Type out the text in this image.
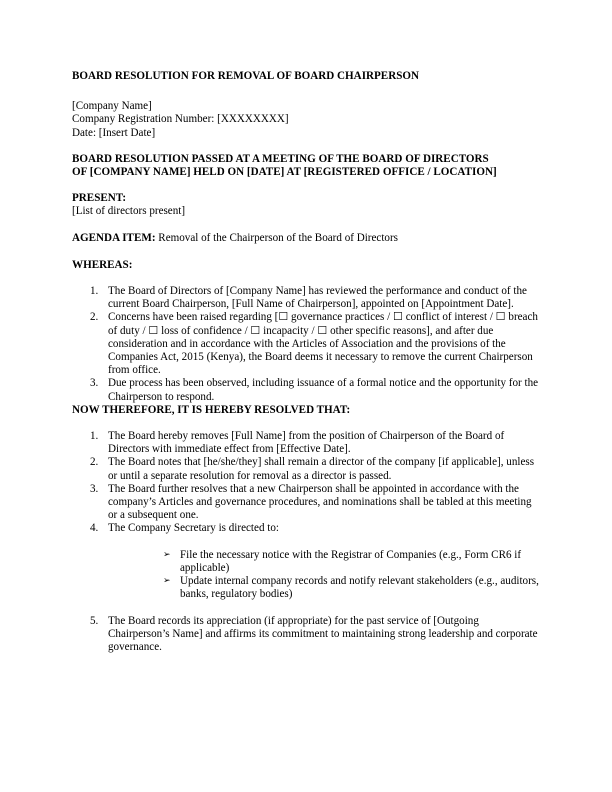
BOARD RESOLUTION FOR REMOVAL OF BOARD CHAIRPERSON

[Company Name]

Company Registration Number: [XXXXXXXX]

Date: [Insert Date]

BOARD RESOLUTION PASSED AT A MEETING OF THE BOARD OF DIRECTORS

OF [COMPANY NAME] HELD ON [DATE] AT [REGISTERED OFFICE / LOCATION]

PRESENT:

[List of directors present]

AGENDA ITEM: Removal of the Chairperson of the Board of Directors

WHEREAS:

1. The Board of Directors of [Company Name] has reviewed the performance and conduct of the current Board Chairperson, [Full Name of Chairperson], appointed on [Appointment Date].
2. Concerns have been raised regarding [☐ governance practices / ☐ conflict of interest / ☐ breach of duty / ☐ loss of confidence / ☐ incapacity / ☐ other specific reasons], and after due consideration and in accordance with the Articles of Association and the provisions of the Companies Act, 2015 (Kenya), the Board deems it necessary to remove the current Chairperson from office.
3. Due process has been observed, including issuance of a formal notice and the opportunity for the Chairperson to respond.

NOW THEREFORE, IT IS HEREBY RESOLVED THAT:

1. The Board hereby removes [Full Name] from the position of Chairperson of the Board of Directors with immediate effect from [Effective Date].
2. The Board notes that [he/she/they] shall remain a director of the company [if applicable], unless or until a separate resolution for removal as a director is passed.
3. The Board further resolves that a new Chairperson shall be appointed in accordance with the company’s Articles and governance procedures, and nominations shall be tabled at this meeting or a subsequent one.
4. The Company Secretary is directed to:
➢ File the necessary notice with the Registrar of Companies (e.g., Form CR6 if applicable)
➢ Update internal company records and notify relevant stakeholders (e.g., auditors, banks, regulatory bodies)
5. The Board records its appreciation (if appropriate) for the past service of [Outgoing Chairperson’s Name] and affirms its commitment to maintaining strong leadership and corporate governance.
